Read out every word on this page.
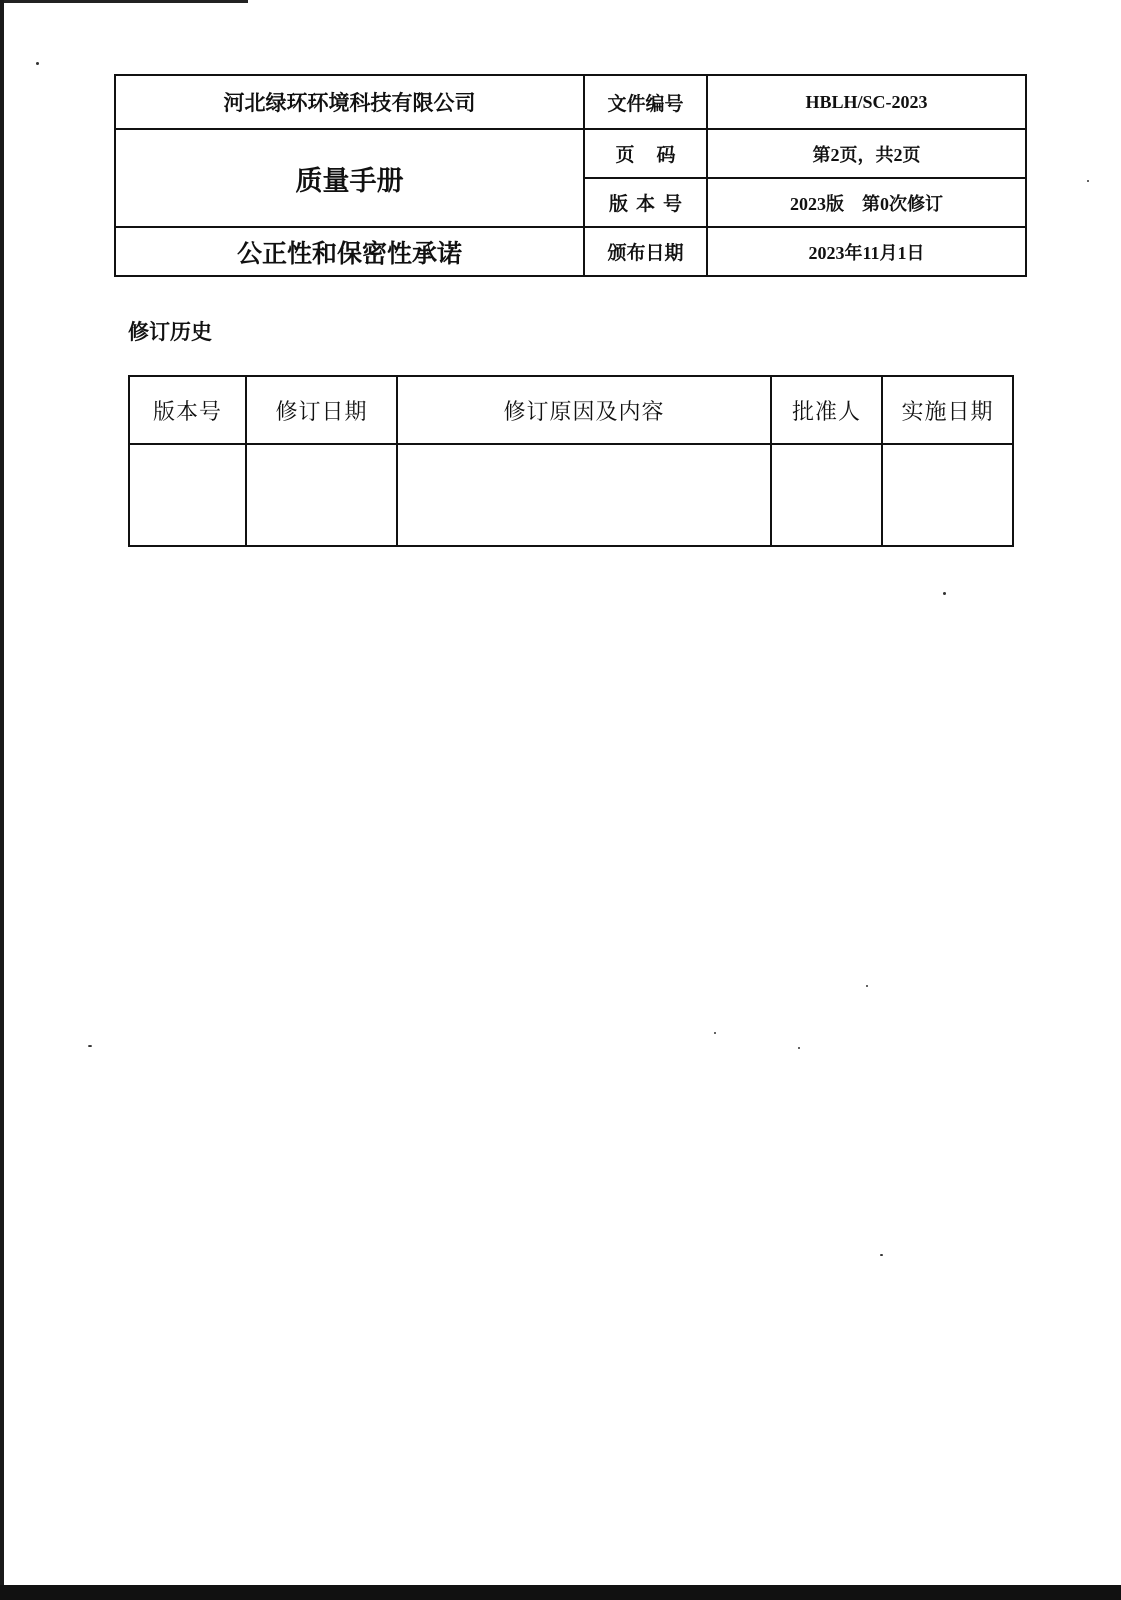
河北绿环环境科技有限公司	文件编号	HBLH/SC-2023
质量手册	页码	第2页，共2页
	版本号	2023版　第0次修订
公正性和保密性承诺	颁布日期	2023年11月1日
修订历史
版本号	修订日期	修订原因及内容	批准人	实施日期
